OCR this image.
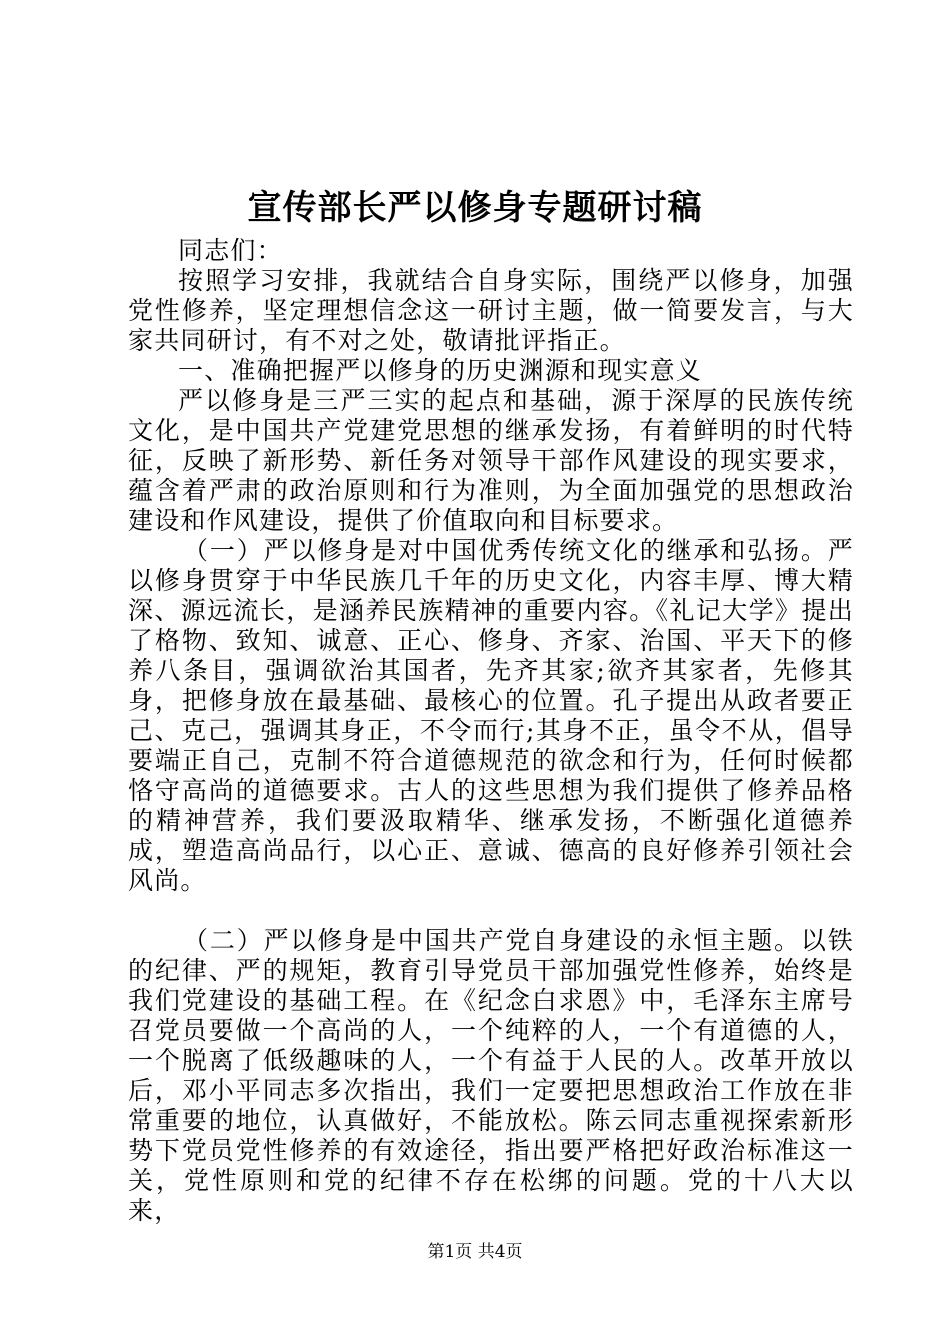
宣传部长严以修身专题研讨稿

同志们：

按照学习安排，我就结合自身实际，围绕严以修身，加强党性修养，坚定理想信念这一研讨主题，做一简要发言，与大家共同研讨，有不对之处，敬请批评指正。

一、准确把握严以修身的历史渊源和现实意义

严以修身是三严三实的起点和基础，源于深厚的民族传统文化，是中国共产党建党思想的继承发扬，有着鲜明的时代特征，反映了新形势、新任务对领导干部作风建设的现实要求，蕴含着严肃的政治原则和行为准则，为全面加强党的思想政治建设和作风建设，提供了价值取向和目标要求。

（一）严以修身是对中国优秀传统文化的继承和弘扬。严以修身贯穿于中华民族几千年的历史文化，内容丰厚、博大精深、源远流长，是涵养民族精神的重要内容。《礼记大学》提出了格物、致知、诚意、正心、修身、齐家、治国、平天下的修养八条目，强调欲治其国者，先齐其家;欲齐其家者，先修其身，把修身放在最基础、最核心的位置。孔子提出从政者要正己、克己，强调其身正，不令而行;其身不正，虽令不从，倡导要端正自己，克制不符合道德规范的欲念和行为，任何时候都恪守高尚的道德要求。古人的这些思想为我们提供了修养品格的精神营养，我们要汲取精华、继承发扬，不断强化道德养成，塑造高尚品行，以心正、意诚、德高的良好修养引领社会风尚。

（二）严以修身是中国共产党自身建设的永恒主题。以铁的纪律、严的规矩，教育引导党员干部加强党性修养，始终是我们党建设的基础工程。在《纪念白求恩》中，毛泽东主席号召党员要做一个高尚的人，一个纯粹的人，一个有道德的人，一个脱离了低级趣味的人，一个有益于人民的人。改革开放以后，邓小平同志多次指出，我们一定要把思想政治工作放在非常重要的地位，认真做好，不能放松。陈云同志重视探索新形势下党员党性修养的有效途径，指出要严格把好政治标准这一关，党性原则和党的纪律不存在松绑的问题。党的十八大以来，

第1页 共4页
